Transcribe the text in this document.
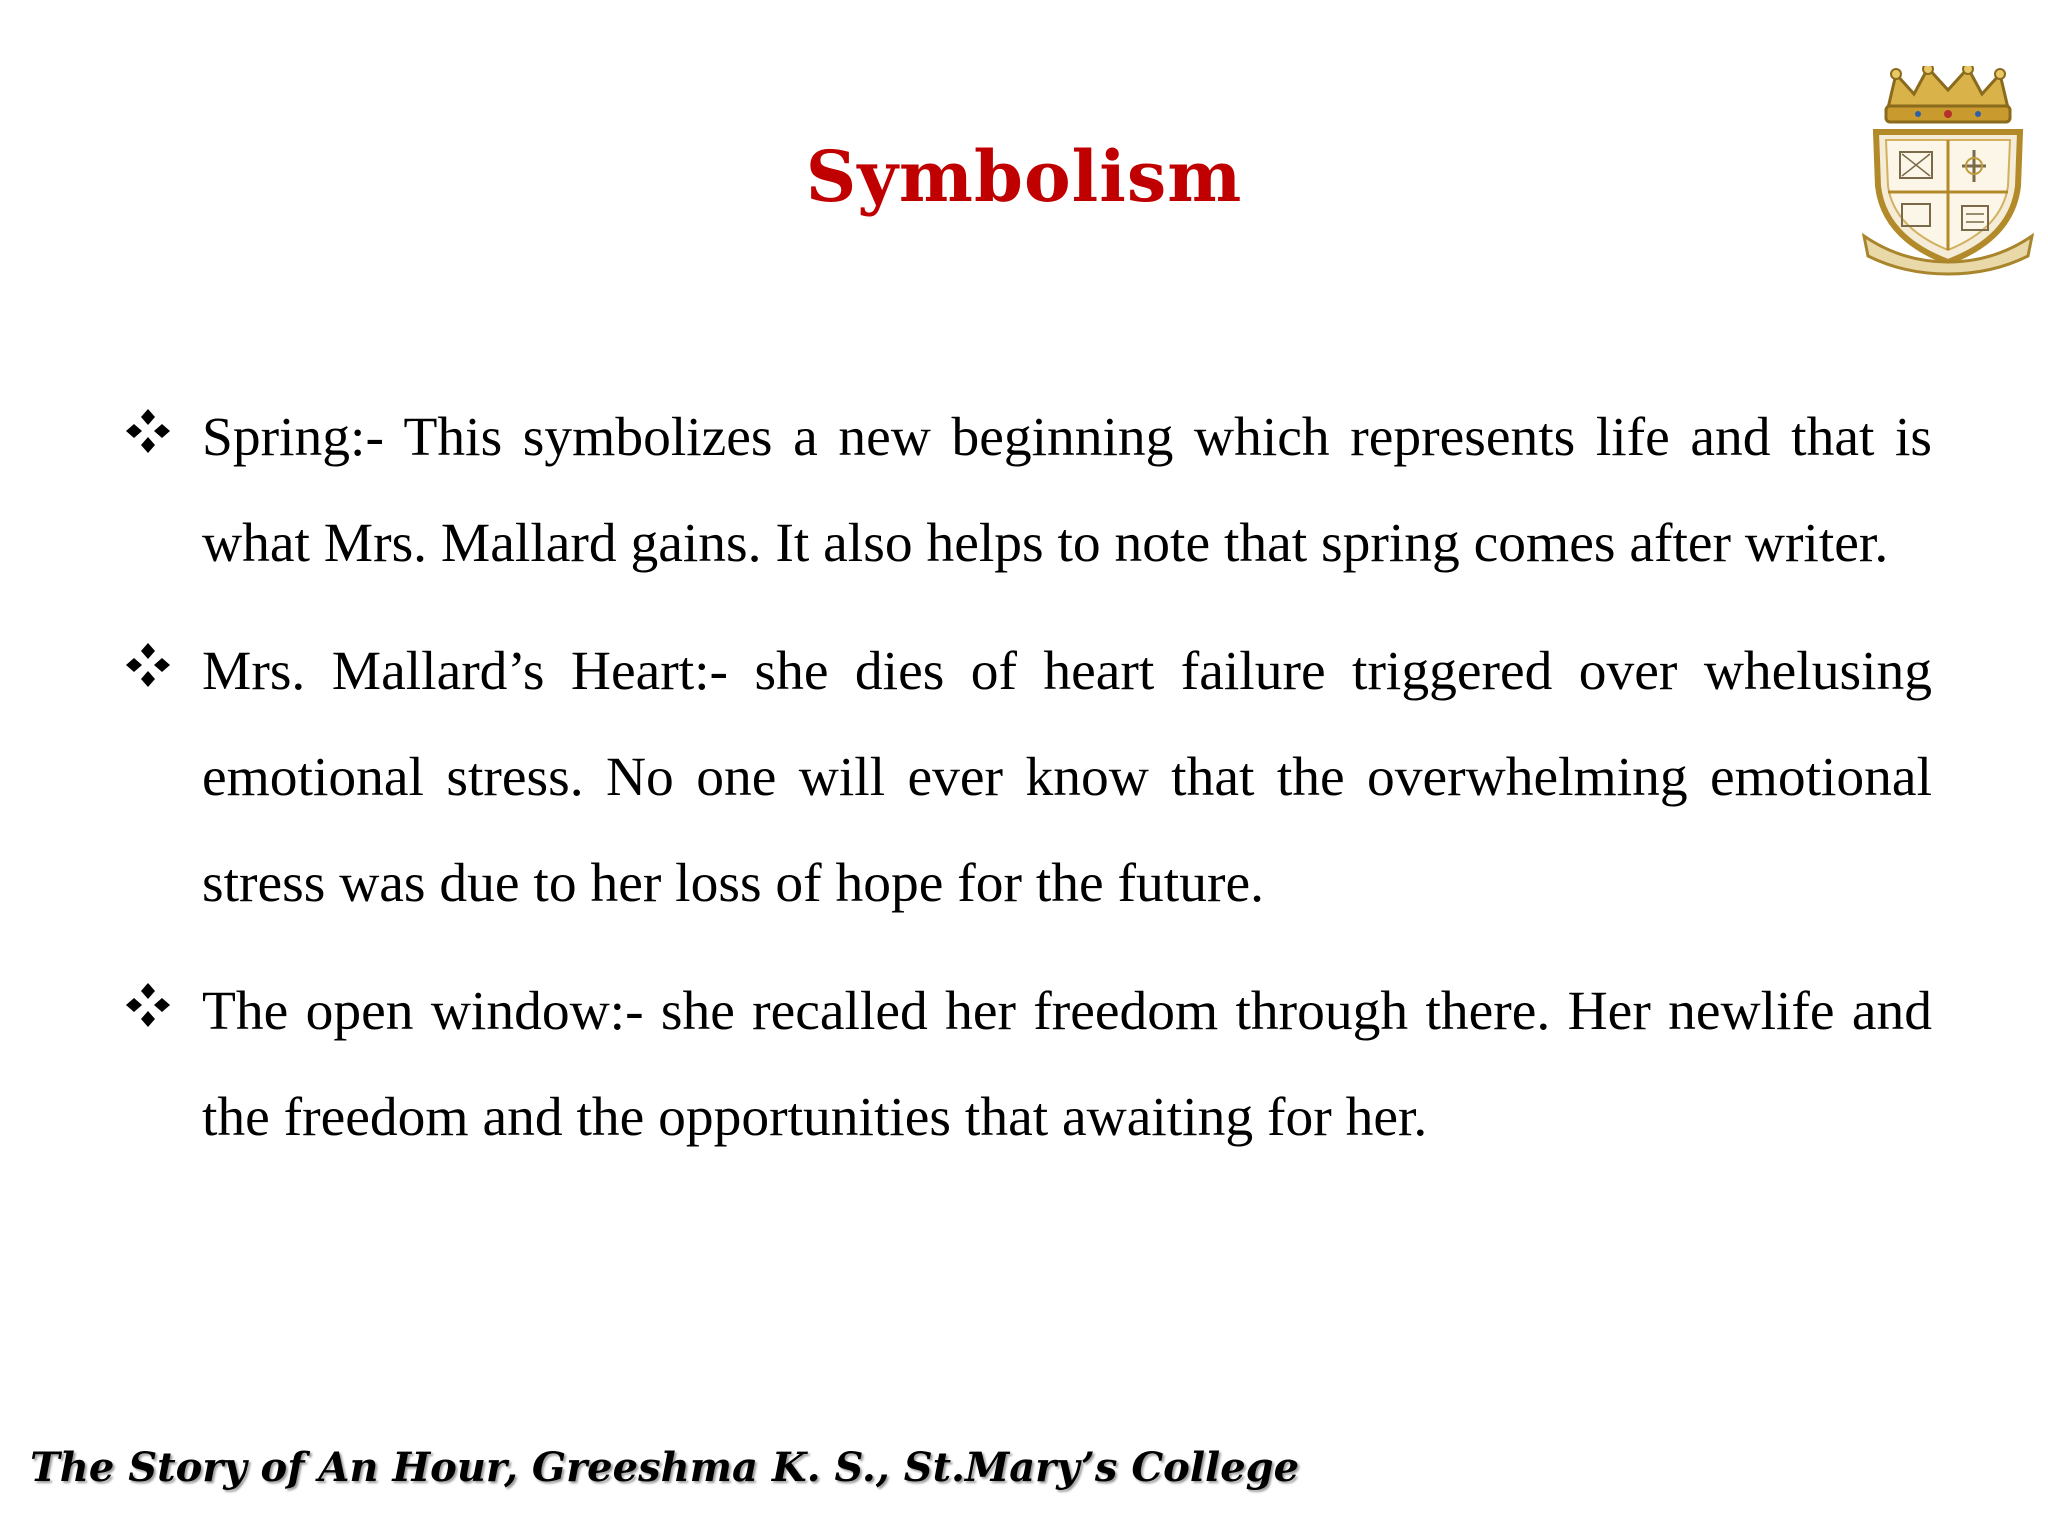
Symbolism

Spring:- This symbolizes a new beginning which represents life and that is what Mrs. Mallard gains. It also helps to note that spring comes after writer.

Mrs. Mallard’s Heart:- she dies of heart failure triggered over whelusing emotional stress. No one will ever know that the overwhelming emotional stress was due to her loss of hope for the future.

The open window:- she recalled her freedom through there. Her newlife and the freedom and the opportunities that awaiting for her.

The Story of An Hour, Greeshma K. S., St.Mary’s College
